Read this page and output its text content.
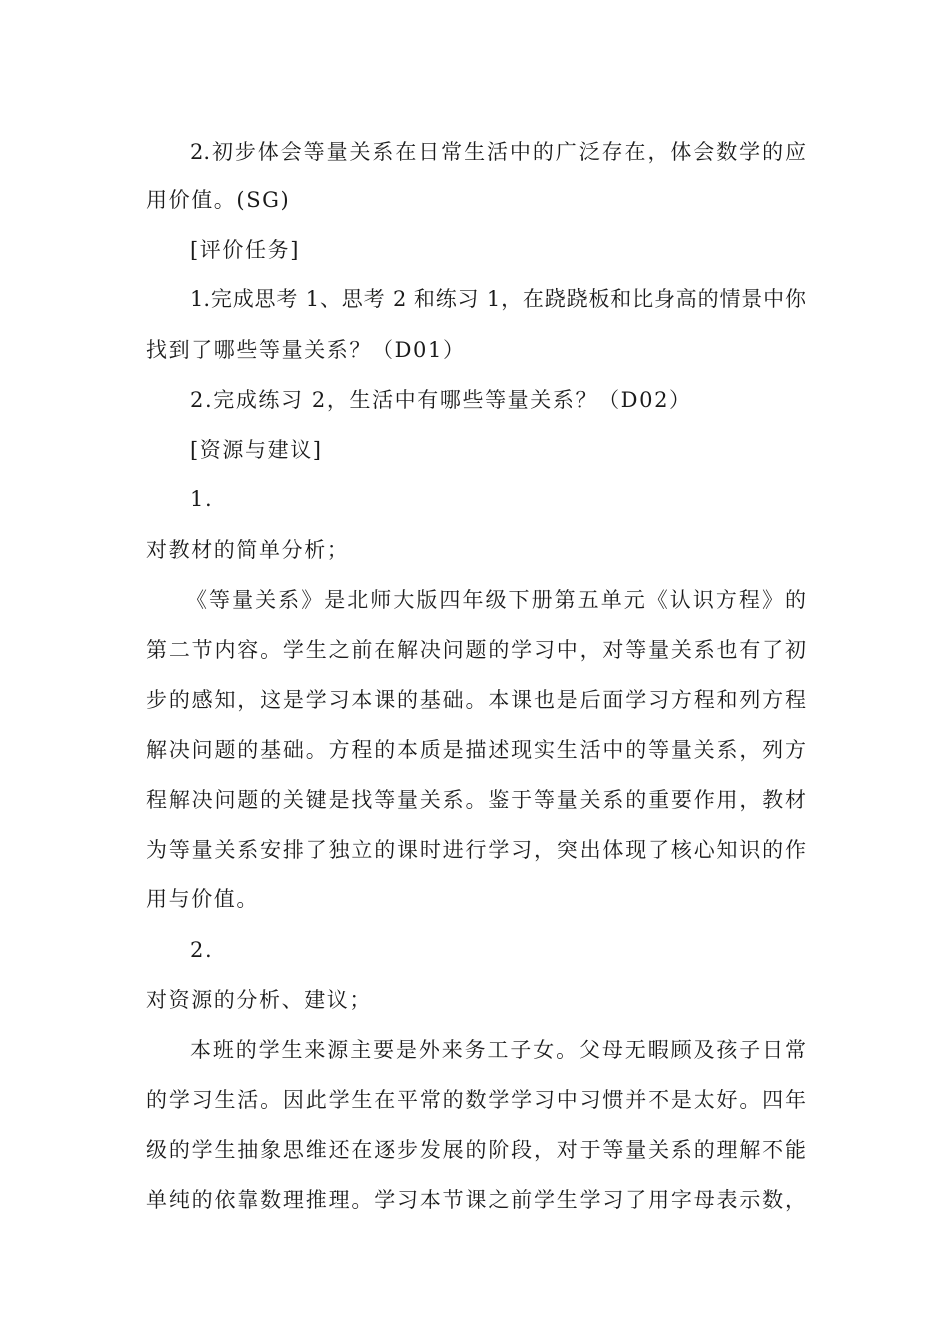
2.初步体会等量关系在日常生活中的广泛存在，体会数学的应
用价值。(SG)
[评价任务]
1.完成思考 1、思考 2 和练习 1，在跷跷板和比身高的情景中你
找到了哪些等量关系？（D01）
2.完成练习 2，生活中有哪些等量关系？（D02）
[资源与建议]
1.
对教材的简单分析；
《等量关系》是北师大版四年级下册第五单元《认识方程》的
第二节内容。学生之前在解决问题的学习中，对等量关系也有了初
步的感知，这是学习本课的基础。本课也是后面学习方程和列方程
解决问题的基础。方程的本质是描述现实生活中的等量关系，列方
程解决问题的关键是找等量关系。鉴于等量关系的重要作用，教材
为等量关系安排了独立的课时进行学习，突出体现了核心知识的作
用与价值。
2.
对资源的分析、建议；
本班的学生来源主要是外来务工子女。父母无暇顾及孩子日常
的学习生活。因此学生在平常的数学学习中习惯并不是太好。四年
级的学生抽象思维还在逐步发展的阶段，对于等量关系的理解不能
单纯的依靠数理推理。学习本节课之前学生学习了用字母表示数，
